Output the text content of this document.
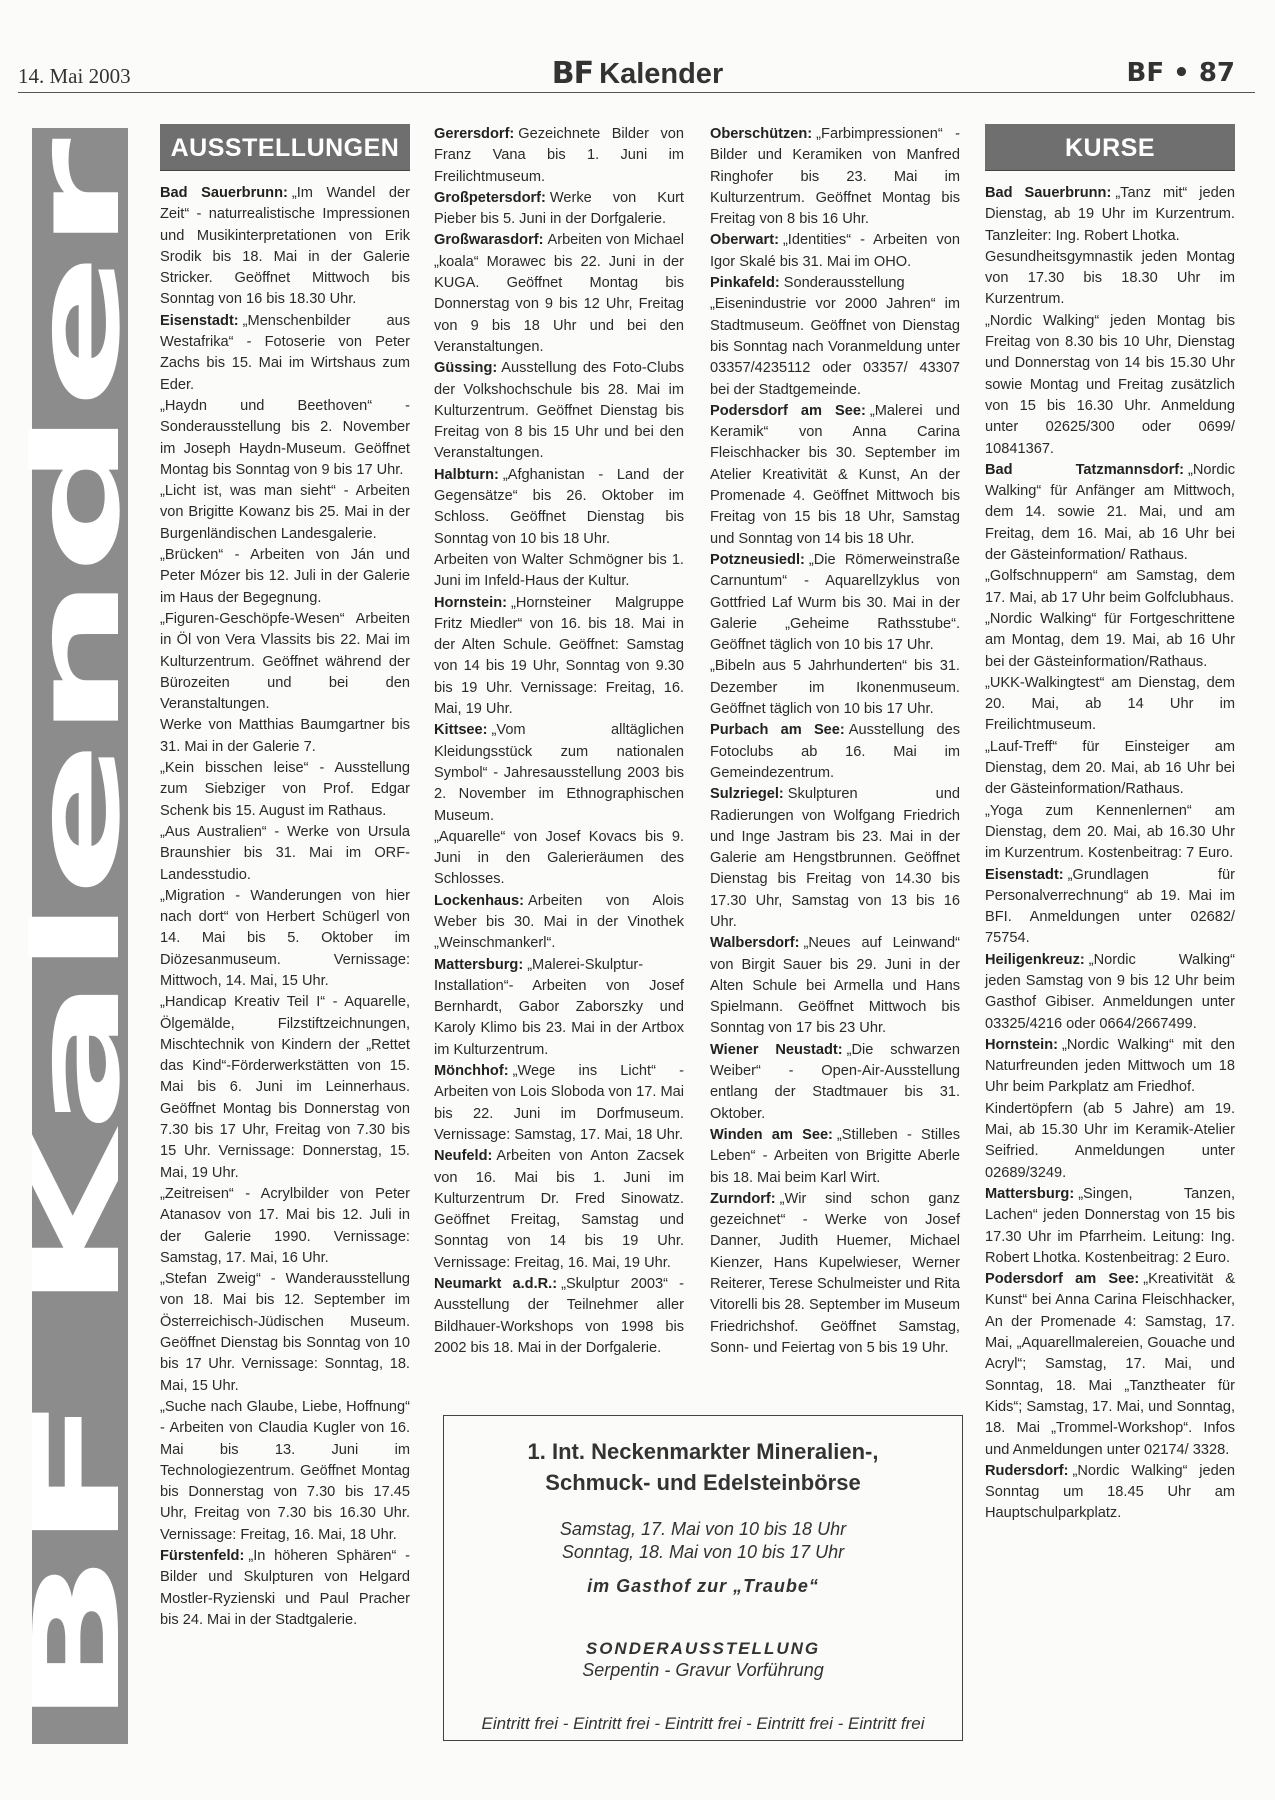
14. Mai 2003	BF Kalender	BF • 87
BF Kalender
AUSSTELLUNGEN

Bad Sauerbrunn: „Im Wandel der Zeit“ - naturrealistische Impressionen und Musikinterpretationen von Erik Srodik bis 18. Mai in der Galerie Stricker. Geöffnet Mittwoch bis Sonntag von 16 bis 18.30 Uhr.

Eisenstadt: „Menschenbilder aus Westafrika“ - Fotoserie von Peter Zachs bis 15. Mai im Wirtshaus zum Eder.

„Haydn und Beethoven“ - Sonderausstellung bis 2. November im Joseph Haydn-Museum. Geöffnet Montag bis Sonntag von 9 bis 17 Uhr.

„Licht ist, was man sieht“ - Arbeiten von Brigitte Kowanz bis 25. Mai in der Burgenländischen Landesgalerie.

„Brücken“ - Arbeiten von Ján und Peter Mózer bis 12. Juli in der Galerie im Haus der Begegnung.

„Figuren-Geschöpfe-Wesen“ Arbeiten in Öl von Vera Vlassits bis 22. Mai im Kulturzentrum. Geöffnet während der Bürozeiten und bei den Veranstaltungen.

Werke von Matthias Baumgartner bis 31. Mai in der Galerie 7.

„Kein bisschen leise“ - Ausstellung zum Siebziger von Prof. Edgar Schenk bis 15. August im Rathaus.

„Aus Australien“ - Werke von Ursula Braunshier bis 31. Mai im ORF-Landesstudio.

„Migration - Wanderungen von hier nach dort“ von Herbert Schügerl von 14. Mai bis 5. Oktober im Diözesanmuseum. Vernissage: Mittwoch, 14. Mai, 15 Uhr.

„Handicap Kreativ Teil I“ - Aquarelle, Ölgemälde, Filzstiftzeichnungen, Mischtechnik von Kindern der „Rettet das Kind“-Förderwerkstätten von 15. Mai bis 6. Juni im Leinnerhaus. Geöffnet Montag bis Donnerstag von 7.30 bis 17 Uhr, Freitag von 7.30 bis 15 Uhr. Vernissage: Donnerstag, 15. Mai, 19 Uhr.

„Zeitreisen“ - Acrylbilder von Peter Atanasov von 17. Mai bis 12. Juli in der Galerie 1990. Vernissage: Samstag, 17. Mai, 16 Uhr.

„Stefan Zweig“ - Wanderausstellung von 18. Mai bis 12. September im Österreichisch-Jüdischen Museum. Geöffnet Dienstag bis Sonntag von 10 bis 17 Uhr. Vernissage: Sonntag, 18. Mai, 15 Uhr.

„Suche nach Glaube, Liebe, Hoffnung“ - Arbeiten von Claudia Kugler von 16. Mai bis 13. Juni im Technologiezentrum. Geöffnet Montag bis Donnerstag von 7.30 bis 17.45 Uhr, Freitag von 7.30 bis 16.30 Uhr. Vernissage: Freitag, 16. Mai, 18 Uhr.

Fürstenfeld: „In höheren Sphären“ - Bilder und Skulpturen von Helgard Mostler-Ryzienski und Paul Pracher bis 24. Mai in der Stadtgalerie.

Gerersdorf: Gezeichnete Bilder von Franz Vana bis 1. Juni im Freilichtmuseum.

Großpetersdorf: Werke von Kurt Pieber bis 5. Juni in der Dorfgalerie.

Großwarasdorf: Arbeiten von Michael „koala“ Morawec bis 22. Juni in der KUGA. Geöffnet Montag bis Donnerstag von 9 bis 12 Uhr, Freitag von 9 bis 18 Uhr und bei den Veranstaltungen.

Güssing: Ausstellung des Foto-Clubs der Volkshochschule bis 28. Mai im Kulturzentrum. Geöffnet Dienstag bis Freitag von 8 bis 15 Uhr und bei den Veranstaltungen.

Halbturn: „Afghanistan - Land der Gegensätze“ bis 26. Oktober im Schloss. Geöffnet Dienstag bis Sonntag von 10 bis 18 Uhr.

Arbeiten von Walter Schmögner bis 1. Juni im Infeld-Haus der Kultur.

Hornstein: „Hornsteiner Malgruppe Fritz Miedler“ von 16. bis 18. Mai in der Alten Schule. Geöffnet: Samstag von 14 bis 19 Uhr, Sonntag von 9.30 bis 19 Uhr. Vernissage: Freitag, 16. Mai, 19 Uhr.

Kittsee: „Vom alltäglichen Kleidungsstück zum nationalen Symbol“ - Jahresausstellung 2003 bis 2. November im Ethnographischen Museum.

„Aquarelle“ von Josef Kovacs bis 9. Juni in den Galerieräumen des Schlosses.

Lockenhaus: Arbeiten von Alois Weber bis 30. Mai in der Vinothek „Weinschmankerl“.

Mattersburg: „Malerei-Skulptur-Installation“- Arbeiten von Josef Bernhardt, Gabor Zaborszky und Karoly Klimo bis 23. Mai in der Artbox im Kulturzentrum.

Mönchhof: „Wege ins Licht“ - Arbeiten von Lois Sloboda von 17. Mai bis 22. Juni im Dorfmuseum. Vernissage: Samstag, 17. Mai, 18 Uhr.

Neufeld: Arbeiten von Anton Zacsek von 16. Mai bis 1. Juni im Kulturzentrum Dr. Fred Sinowatz. Geöffnet Freitag, Samstag und Sonntag von 14 bis 19 Uhr. Vernissage: Freitag, 16. Mai, 19 Uhr.

Neumarkt a.d.R.: „Skulptur 2003“ - Ausstellung der Teilnehmer aller Bildhauer-Workshops von 1998 bis 2002 bis 18. Mai in der Dorfgalerie.

Oberschützen: „Farbimpressionen“ - Bilder und Keramiken von Manfred Ringhofer bis 23. Mai im Kulturzentrum. Geöffnet Montag bis Freitag von 8 bis 16 Uhr.

Oberwart: „Identities“ - Arbeiten von Igor Skalé bis 31. Mai im OHO.

Pinkafeld: Sonderausstellung „Eisenindustrie vor 2000 Jahren“ im Stadtmuseum. Geöffnet von Dienstag bis Sonntag nach Voranmeldung unter 03357/4235112 oder 03357/ 43307 bei der Stadtgemeinde.

Podersdorf am See: „Malerei und Keramik“ von Anna Carina Fleischhacker bis 30. September im Atelier Kreativität & Kunst, An der Promenade 4. Geöffnet Mittwoch bis Freitag von 15 bis 18 Uhr, Samstag und Sonntag von 14 bis 18 Uhr.

Potzneusiedl: „Die Römerweinstraße Carnuntum“ - Aquarellzyklus von Gottfried Laf Wurm bis 30. Mai in der Galerie „Geheime Rathsstube“. Geöffnet täglich von 10 bis 17 Uhr.

„Bibeln aus 5 Jahrhunderten“ bis 31. Dezember im Ikonenmuseum. Geöffnet täglich von 10 bis 17 Uhr.

Purbach am See: Ausstellung des Fotoclubs ab 16. Mai im Gemeindezentrum.

Sulzriegel: Skulpturen und Radierungen von Wolfgang Friedrich und Inge Jastram bis 23. Mai in der Galerie am Hengstbrunnen. Geöffnet Dienstag bis Freitag von 14.30 bis 17.30 Uhr, Samstag von 13 bis 16 Uhr.

Walbersdorf: „Neues auf Leinwand“ von Birgit Sauer bis 29. Juni in der Alten Schule bei Armella und Hans Spielmann. Geöffnet Mittwoch bis Sonntag von 17 bis 23 Uhr.

Wiener Neustadt: „Die schwarzen Weiber“ - Open-Air-Ausstellung entlang der Stadtmauer bis 31. Oktober.

Winden am See: „Stilleben - Stilles Leben“ - Arbeiten von Brigitte Aberle bis 18. Mai beim Karl Wirt.

Zurndorf: „Wir sind schon ganz gezeichnet“ - Werke von Josef Danner, Judith Huemer, Michael Kienzer, Hans Kupelwieser, Werner Reiterer, Terese Schulmeister und Rita Vitorelli bis 28. September im Museum Friedrichshof. Geöffnet Samstag, Sonn- und Feiertag von 5 bis 19 Uhr.

KURSE

Bad Sauerbrunn: „Tanz mit“ jeden Dienstag, ab 19 Uhr im Kurzentrum. Tanzleiter: Ing. Robert Lhotka.

Gesundheitsgymnastik jeden Montag von 17.30 bis 18.30 Uhr im Kurzentrum.

„Nordic Walking“ jeden Montag bis Freitag von 8.30 bis 10 Uhr, Dienstag und Donnerstag von 14 bis 15.30 Uhr sowie Montag und Freitag zusätzlich von 15 bis 16.30 Uhr. Anmeldung unter 02625/300 oder 0699/ 10841367.

Bad Tatzmannsdorf: „Nordic Walking“ für Anfänger am Mittwoch, dem 14. sowie 21. Mai, und am Freitag, dem 16. Mai, ab 16 Uhr bei der Gästeinformation/ Rathaus.

„Golfschnuppern“ am Samstag, dem 17. Mai, ab 17 Uhr beim Golfclubhaus.

„Nordic Walking“ für Fortgeschrittene am Montag, dem 19. Mai, ab 16 Uhr bei der Gästeinformation/Rathaus.

„UKK-Walkingtest“ am Dienstag, dem 20. Mai, ab 14 Uhr im Freilichtmuseum.

„Lauf-Treff“ für Einsteiger am Dienstag, dem 20. Mai, ab 16 Uhr bei der Gästeinformation/Rathaus.

„Yoga zum Kennenlernen“ am Dienstag, dem 20. Mai, ab 16.30 Uhr im Kurzentrum. Kostenbeitrag: 7 Euro.

Eisenstadt: „Grundlagen für Personalverrechnung“ ab 19. Mai im BFI. Anmeldungen unter 02682/ 75754.

Heiligenkreuz: „Nordic Walking“ jeden Samstag von 9 bis 12 Uhr beim Gasthof Gibiser. Anmeldungen unter 03325/4216 oder 0664/2667499.

Hornstein: „Nordic Walking“ mit den Naturfreunden jeden Mittwoch um 18 Uhr beim Parkplatz am Friedhof.

Kindertöpfern (ab 5 Jahre) am 19. Mai, ab 15.30 Uhr im Keramik-Atelier Seifried. Anmeldungen unter 02689/3249.

Mattersburg: „Singen, Tanzen, Lachen“ jeden Donnerstag von 15 bis 17.30 Uhr im Pfarrheim. Leitung: Ing. Robert Lhotka. Kostenbeitrag: 2 Euro.

Podersdorf am See: „Kreativität & Kunst“ bei Anna Carina Fleischhacker, An der Promenade 4: Samstag, 17. Mai, „Aquarellmalereien, Gouache und Acryl“; Samstag, 17. Mai, und Sonntag, 18. Mai „Tanztheater für Kids“; Samstag, 17. Mai, und Sonntag, 18. Mai „Trommel-Workshop“. Infos und Anmeldungen unter 02174/ 3328.

Rudersdorf: „Nordic Walking“ jeden Sonntag um 18.45 Uhr am Hauptschulparkplatz.

1. Int. Neckenmarkter Mineralien-,
Schmuck- und Edelsteinbörse
Samstag, 17. Mai von 10 bis 18 Uhr
Sonntag, 18. Mai von 10 bis 17 Uhr
im Gasthof zur „Traube“
SONDERAUSSTELLUNG
Serpentin - Gravur Vorführung
Eintritt frei - Eintritt frei - Eintritt frei - Eintritt frei - Eintritt frei
